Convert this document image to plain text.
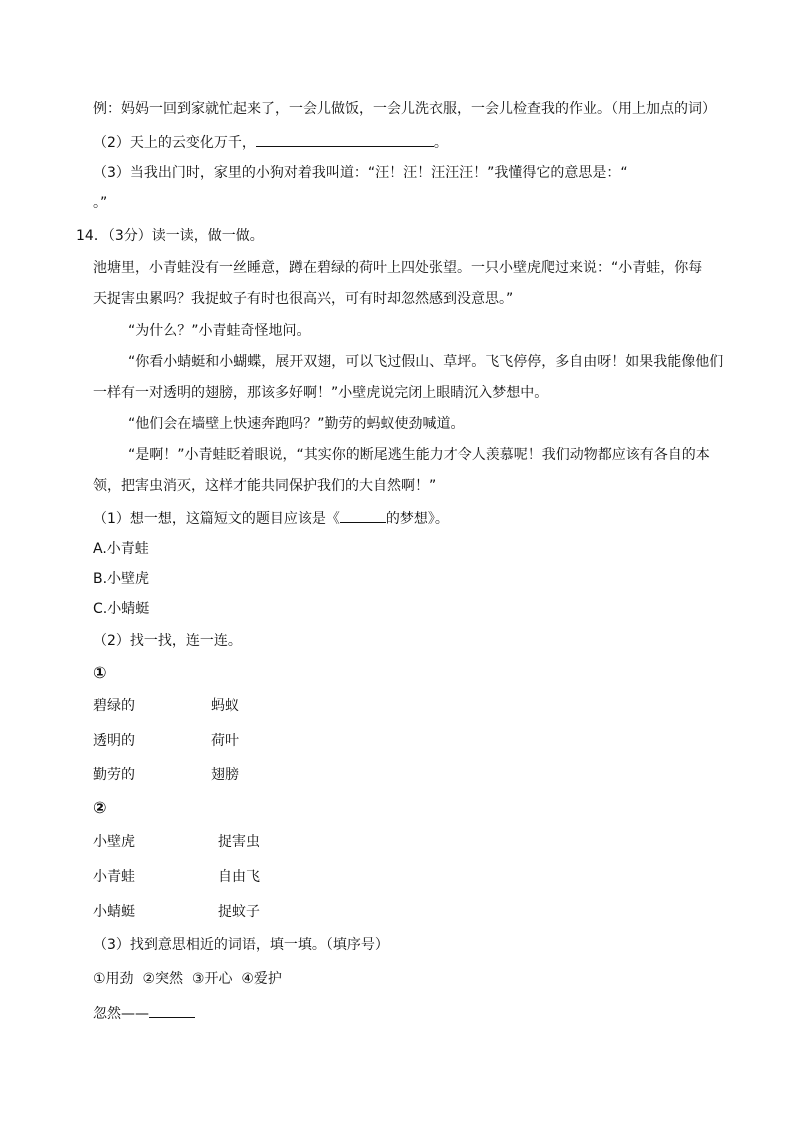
例：妈妈一回到家就忙起来了，一会儿做饭，一会儿洗衣服，一会儿检查我的作业。（用上加点的词）
（2）天上的云变化万千，	。
（3）当我出门时，家里的小狗对着我叫道：“汪！汪！汪汪汪！”我懂得它的意思是：“
。”
14．（3分）读一读，做一做。
池塘里，小青蛙没有一丝睡意，蹲在碧绿的荷叶上四处张望。一只小壁虎爬过来说：“小青蛙，你每
天捉害虫累吗？我捉蚊子有时也很高兴，可有时却忽然感到没意思。”
“为什么？”小青蛙奇怪地问。
“你看小蜻蜓和小蝴蝶，展开双翅，可以飞过假山、草坪。飞飞停停，多自由呀！如果我能像他们
一样有一对透明的翅膀，那该多好啊！”小壁虎说完闭上眼睛沉入梦想中。
“他们会在墙壁上快速奔跑吗？”勤劳的蚂蚁使劲喊道。
“是啊！”小青蛙眨着眼说，“其实你的断尾逃生能力才令人羡慕呢！我们动物都应该有各自的本
领，把害虫消灭，这样才能共同保护我们的大自然啊！”
（1）想一想，这篇短文的题目应该是《	的梦想》。
A.小青蛙
B.小壁虎
C.小蜻蜓
（2）找一找，连一连。
①
碧绿的	蚂蚁
透明的	荷叶
勤劳的	翅膀
②
小壁虎	捉害虫
小青蛙	自由飞
小蜻蜓	捉蚊子
（3）找到意思相近的词语，填一填。（填序号）
①用劲  ②突然  ③开心  ④爱护
忽然——
